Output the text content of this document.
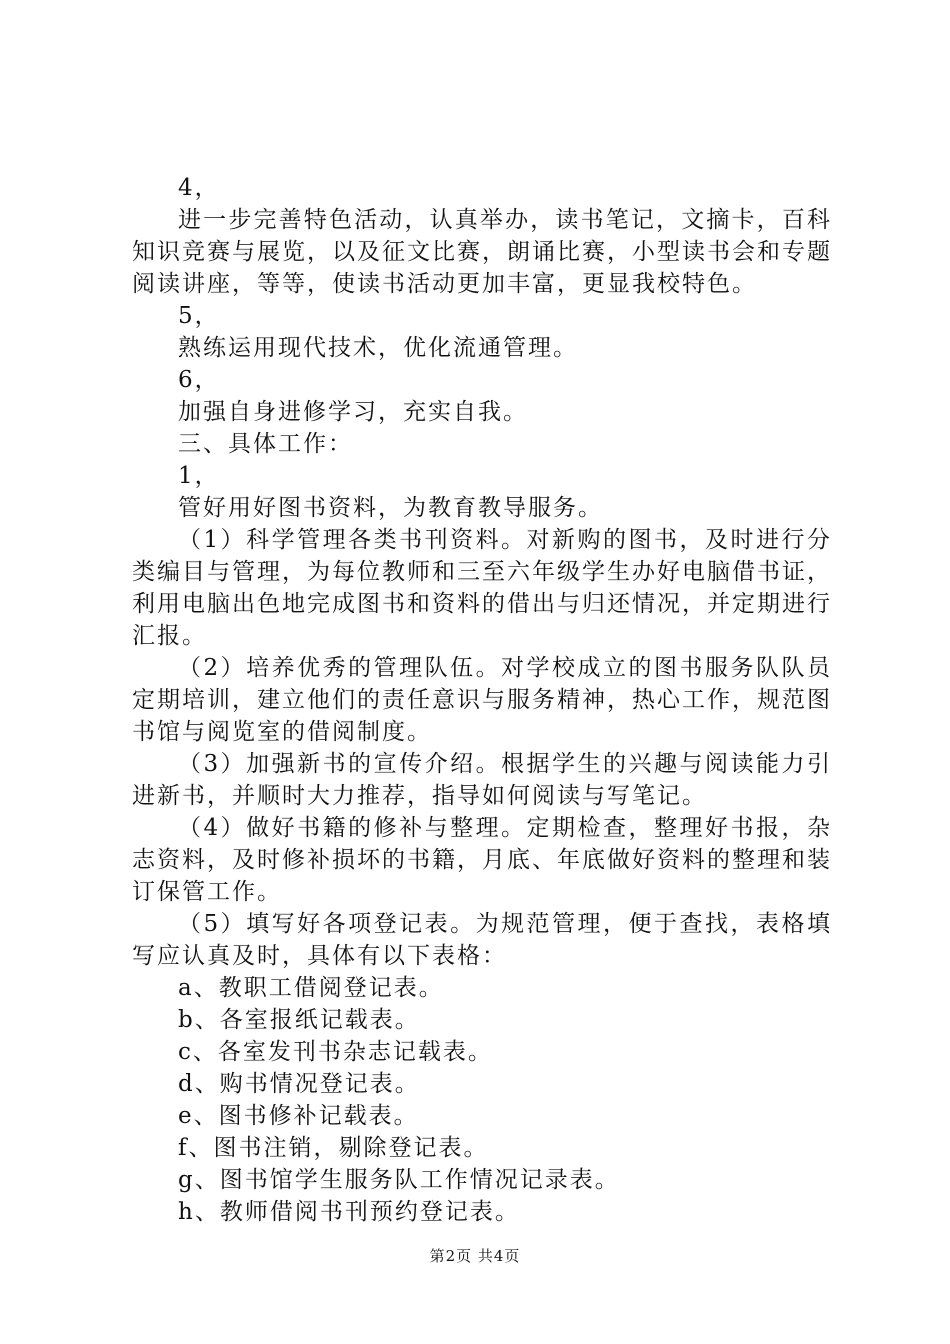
4，

进一步完善特色活动，认真举办，读书笔记，文摘卡，百科知识竞赛与展览，以及征文比赛，朗诵比赛，小型读书会和专题阅读讲座，等等，使读书活动更加丰富，更显我校特色。

5，

熟练运用现代技术，优化流通管理。

6，

加强自身进修学习，充实自我。

三、具体工作：

1，

管好用好图书资料，为教育教导服务。

（1）科学管理各类书刊资料。对新购的图书，及时进行分类编目与管理，为每位教师和三至六年级学生办好电脑借书证，利用电脑出色地完成图书和资料的借出与归还情况，并定期进行汇报。

（2）培养优秀的管理队伍。对学校成立的图书服务队队员定期培训，建立他们的责任意识与服务精神，热心工作，规范图书馆与阅览室的借阅制度。

（3）加强新书的宣传介绍。根据学生的兴趣与阅读能力引进新书，并顺时大力推荐，指导如何阅读与写笔记。

（4）做好书籍的修补与整理。定期检查，整理好书报，杂志资料，及时修补损坏的书籍，月底、年底做好资料的整理和装订保管工作。

（5）填写好各项登记表。为规范管理，便于查找，表格填写应认真及时，具体有以下表格：

a、教职工借阅登记表。

b、各室报纸记载表。

c、各室发刊书杂志记载表。

d、购书情况登记表。

e、图书修补记载表。

f、图书注销，剔除登记表。

g、图书馆学生服务队工作情况记录表。

h、教师借阅书刊预约登记表。

第2页 共4页
